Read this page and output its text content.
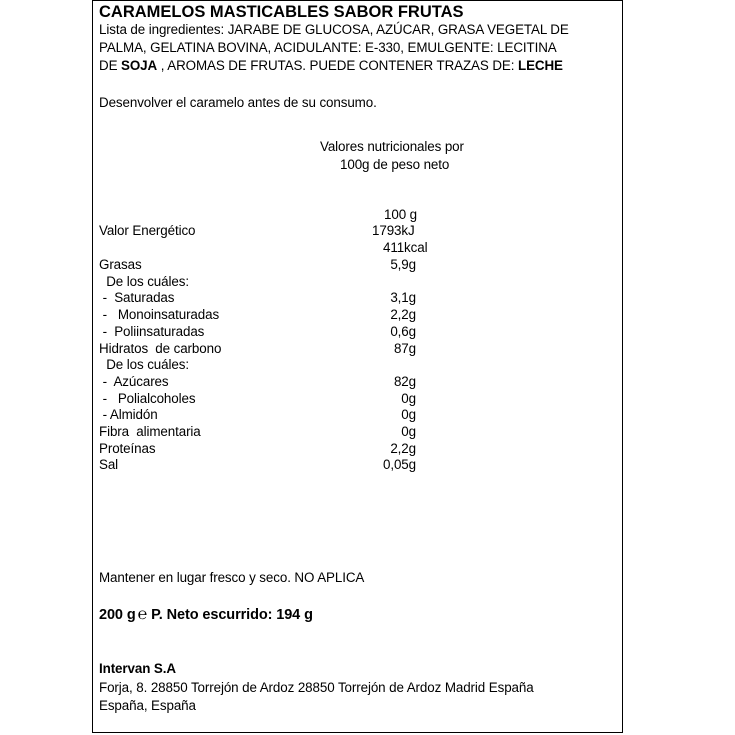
CARAMELOS MASTICABLES SABOR FRUTAS
Lista de ingredientes: JARABE DE GLUCOSA, AZÚCAR, GRASA VEGETAL DE
PALMA, GELATINA BOVINA, ACIDULANTE: E-330, EMULGENTE: LECITINA
DE SOJA , AROMAS DE FRUTAS. PUEDE CONTENER TRAZAS DE: LECHE
Desenvolver el caramelo antes de su consumo.
Valores nutricionales por
100g de peso neto
100 g
Valor Energético	1793kJ
411kcal
Grasas	5,9g
De los cuáles:
-  Saturadas	3,1g
-   Monoinsaturadas	2,2g
-  Poliinsaturadas	0,6g
Hidratos  de carbono	87g
De los cuáles:
-  Azúcares	82g
-   Polialcoholes	0g
- Almidón	0g
Fibra  alimentaria	0g
Proteínas	2,2g
Sal	0,05g
Mantener en lugar fresco y seco. NO APLICA
200 g ℮ P. Neto escurrido: 194 g
Intervan S.A
Forja, 8. 28850 Torrejón de Ardoz 28850 Torrejón de Ardoz Madrid España
España, España
